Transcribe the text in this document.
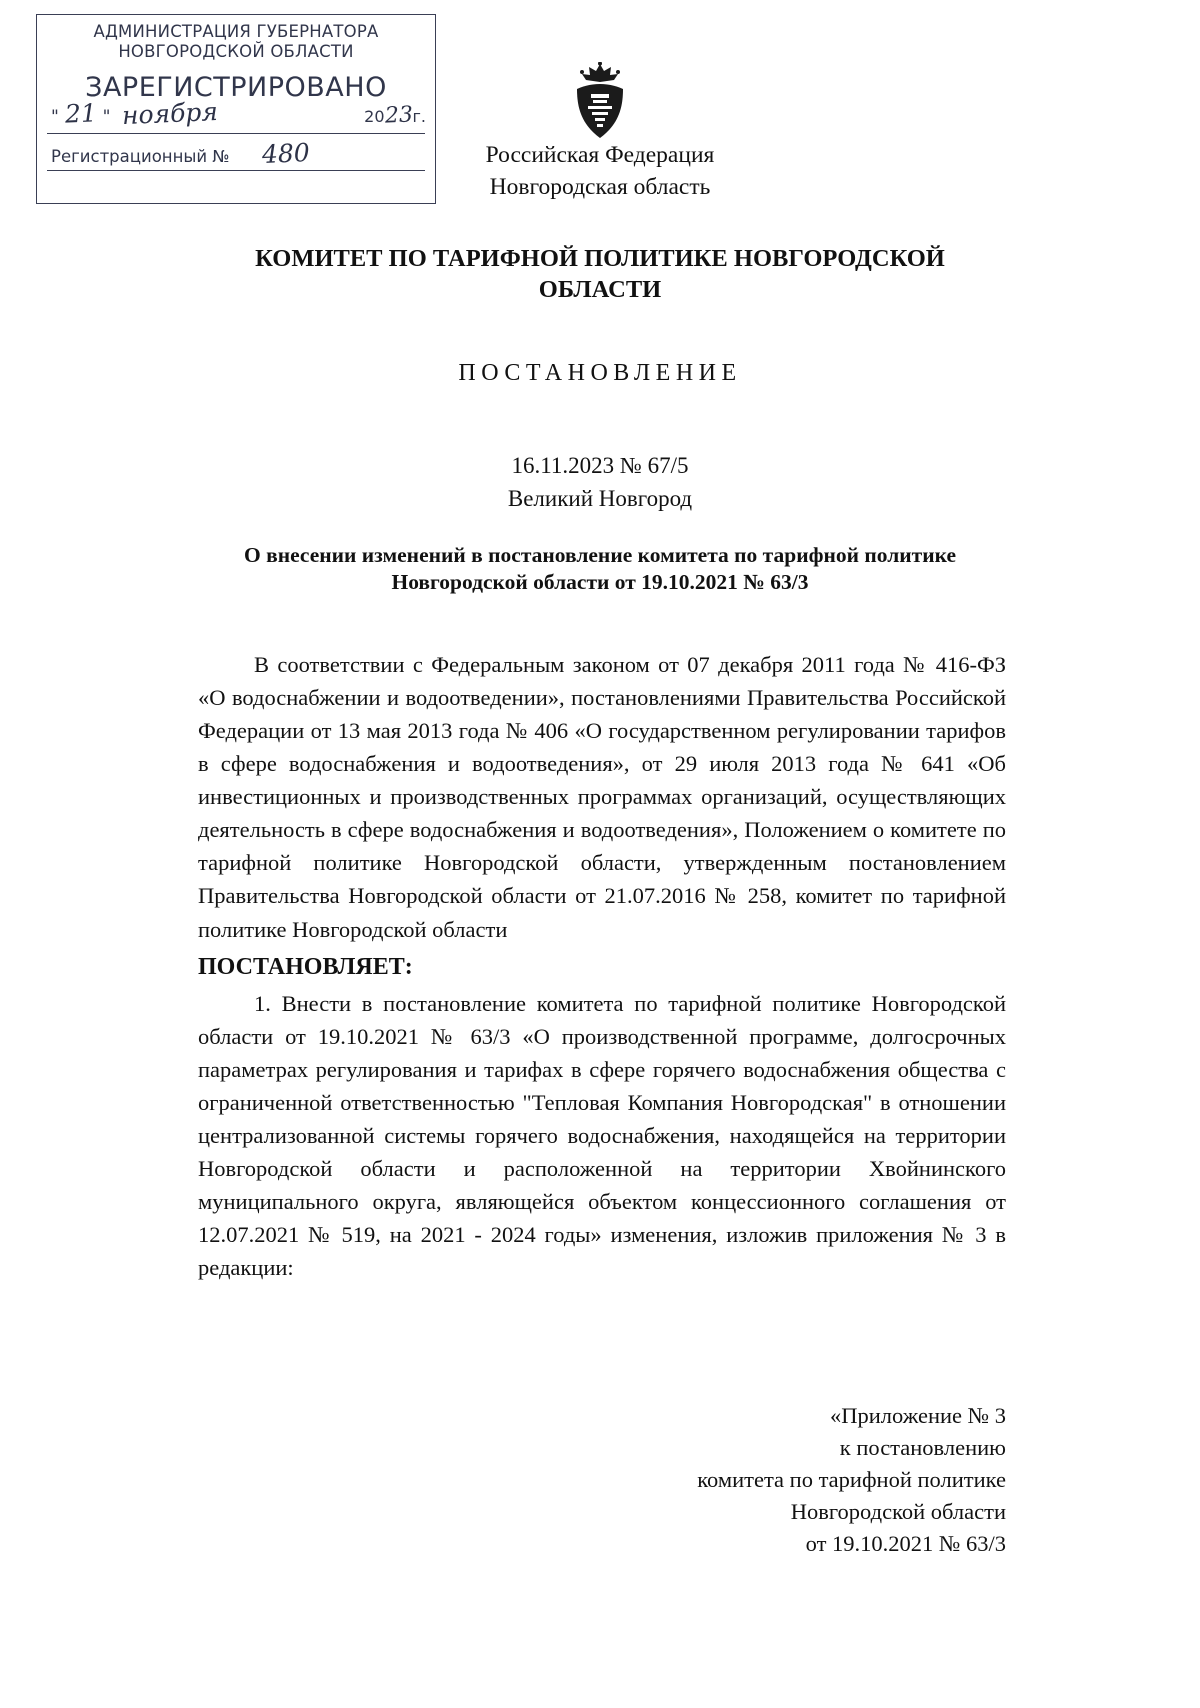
АДМИНИСТРАЦИЯ ГУБЕРНАТОРА
НОВГОРОДСКОЙ ОБЛАСТИ
ЗАРЕГИСТРИРОВАНО
" 21 " ноября	20 23 г.
Регистрационный № 480	Российская Федерация
Новгородская область
КОМИТЕТ ПО ТАРИФНОЙ ПОЛИТИКЕ НОВГОРОДСКОЙ ОБЛАСТИ
ПОСТАНОВЛЕНИЕ
16.11.2023 № 67/5
Великий Новгород
О внесении изменений в постановление комитета по тарифной политике
Новгородской области от 19.10.2021 № 63/3

В соответствии с Федеральным законом от 07 декабря 2011 года № 416-ФЗ «О водоснабжении и водоотведении», постановлениями Правительства Российской Федерации от 13 мая 2013 года № 406 «О государственном регулировании тарифов в сфере водоснабжения и водоотведения», от 29 июля 2013 года № 641 «Об инвестиционных и производственных программах организаций, осуществляющих деятельность в сфере водоснабжения и водоотведения», Положением о комитете по тарифной политике Новгородской области, утвержденным постановлением Правительства Новгородской области от 21.07.2016 № 258, комитет по тарифной политике Новгородской области

ПОСТАНОВЛЯЕТ:

1. Внести в постановление комитета по тарифной политике Новгородской области от 19.10.2021 № 63/3 «О производственной программе, долгосрочных параметрах регулирования и тарифах в сфере горячего водоснабжения общества с ограниченной ответственностью "Тепловая Компания Новгородская" в отношении централизованной системы горячего водоснабжения, находящейся на территории Новгородской области и расположенной на территории Хвойнинского муниципального округа, являющейся объектом концессионного соглашения от 12.07.2021 № 519, на 2021 - 2024 годы» изменения, изложив приложения № 3 в редакции:

«Приложение № 3
к постановлению
комитета по тарифной политике
Новгородской области
от 19.10.2021 № 63/3
